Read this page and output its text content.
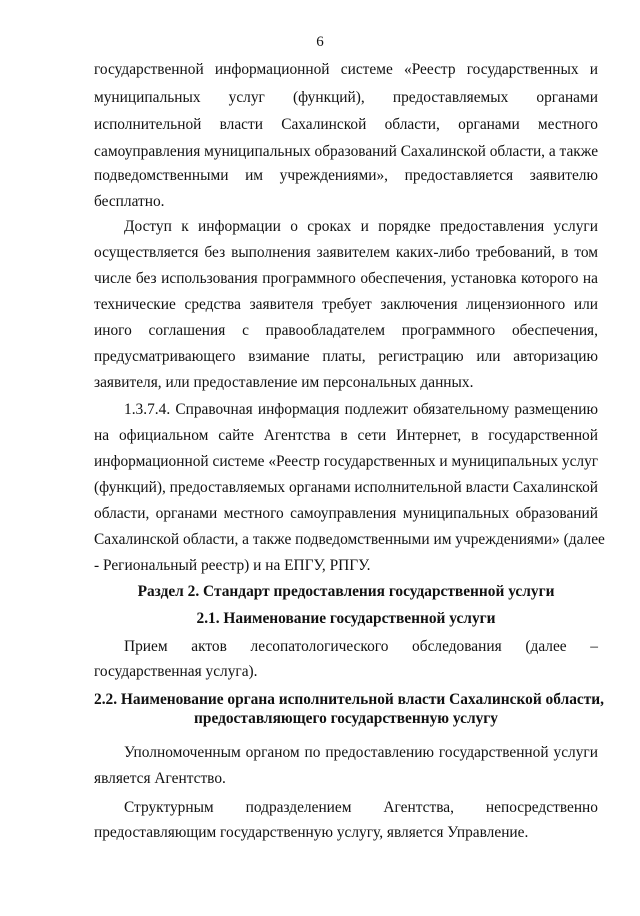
6
государственной информационной системе «Реестр государственных и
муниципальных услуг (функций), предоставляемых органами
исполнительной власти Сахалинской области, органами местного
самоуправления муниципальных образований Сахалинской области, а также
подведомственными им учреждениями», предоставляется заявителю
бесплатно.
Доступ к информации о сроках и порядке предоставления услуги
осуществляется без выполнения заявителем каких-либо требований, в том
числе без использования программного обеспечения, установка которого на
технические средства заявителя требует заключения лицензионного или
иного соглашения с правообладателем программного обеспечения,
предусматривающего взимание платы, регистрацию или авторизацию
заявителя, или предоставление им персональных данных.
1.3.7.4. Справочная информация подлежит обязательному размещению
на официальном сайте Агентства в сети Интернет, в государственной
информационной системе «Реестр государственных и муниципальных услуг
(функций), предоставляемых органами исполнительной власти Сахалинской
области, органами местного самоуправления муниципальных образований
Сахалинской области, а также подведомственными им учреждениями» (далее
- Региональный реестр) и на ЕПГУ, РПГУ.
Раздел 2. Стандарт предоставления государственной услуги
2.1. Наименование государственной услуги
Прием актов лесопатологического обследования (далее –
государственная услуга).
2.2. Наименование органа исполнительной власти Сахалинской области,
предоставляющего государственную услугу
Уполномоченным органом по предоставлению государственной услуги
является Агентство.
Структурным подразделением Агентства, непосредственно
предоставляющим государственную услугу, является Управление.
